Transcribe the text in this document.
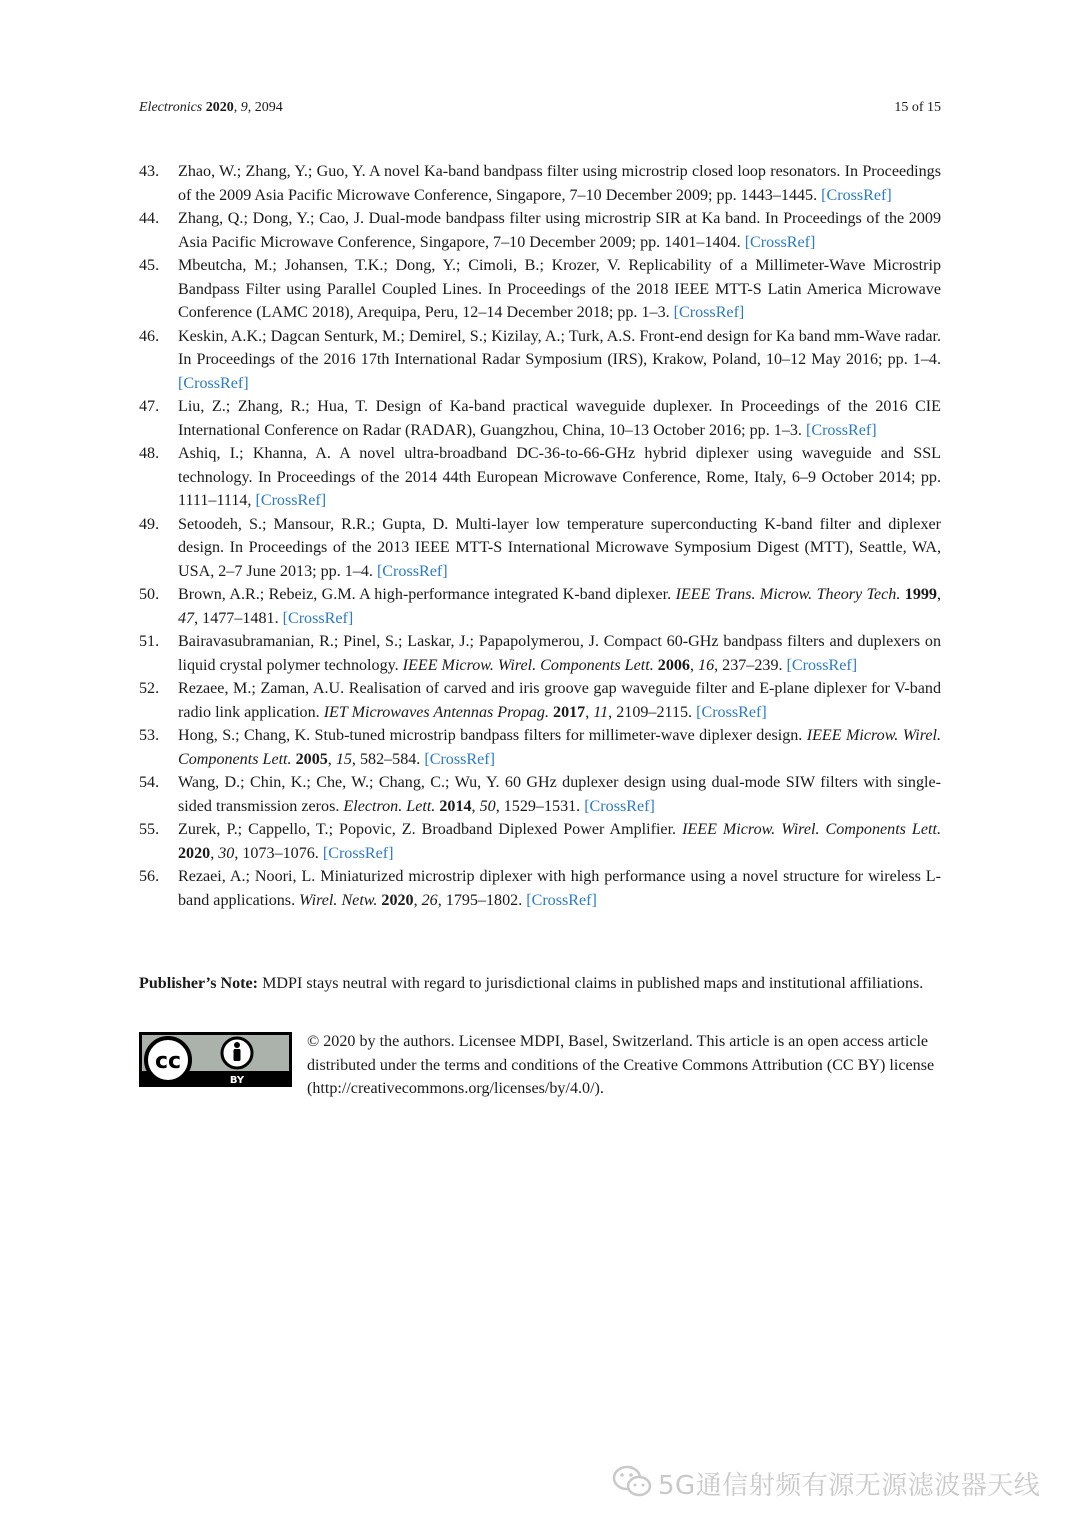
Electronics 2020, 9, 2094	15 of 15
43. Zhao, W.; Zhang, Y.; Guo, Y. A novel Ka-band bandpass filter using microstrip closed loop resonators. In Proceedings of the 2009 Asia Pacific Microwave Conference, Singapore, 7–10 December 2009; pp. 1443–1445. [CrossRef]
44. Zhang, Q.; Dong, Y.; Cao, J. Dual-mode bandpass filter using microstrip SIR at Ka band. In Proceedings of the 2009 Asia Pacific Microwave Conference, Singapore, 7–10 December 2009; pp. 1401–1404. [CrossRef]
45. Mbeutcha, M.; Johansen, T.K.; Dong, Y.; Cimoli, B.; Krozer, V. Replicability of a Millimeter-Wave Microstrip Bandpass Filter using Parallel Coupled Lines. In Proceedings of the 2018 IEEE MTT-S Latin America Microwave Conference (LAMC 2018), Arequipa, Peru, 12–14 December 2018; pp. 1–3. [CrossRef]
46. Keskin, A.K.; Dagcan Senturk, M.; Demirel, S.; Kizilay, A.; Turk, A.S. Front-end design for Ka band mm-Wave radar. In Proceedings of the 2016 17th International Radar Symposium (IRS), Krakow, Poland, 10–12 May 2016; pp. 1–4. [CrossRef]
47. Liu, Z.; Zhang, R.; Hua, T. Design of Ka-band practical waveguide duplexer. In Proceedings of the 2016 CIE International Conference on Radar (RADAR), Guangzhou, China, 10–13 October 2016; pp. 1–3. [CrossRef]
48. Ashiq, I.; Khanna, A. A novel ultra-broadband DC-36-to-66-GHz hybrid diplexer using waveguide and SSL technology. In Proceedings of the 2014 44th European Microwave Conference, Rome, Italy, 6–9 October 2014; pp. 1111–1114, [CrossRef]
49. Setoodeh, S.; Mansour, R.R.; Gupta, D. Multi-layer low temperature superconducting K-band filter and diplexer design. In Proceedings of the 2013 IEEE MTT-S International Microwave Symposium Digest (MTT), Seattle, WA, USA, 2–7 June 2013; pp. 1–4. [CrossRef]
50. Brown, A.R.; Rebeiz, G.M. A high-performance integrated K-band diplexer. IEEE Trans. Microw. Theory Tech. 1999, 47, 1477–1481. [CrossRef]
51. Bairavasubramanian, R.; Pinel, S.; Laskar, J.; Papapolymerou, J. Compact 60-GHz bandpass filters and duplexers on liquid crystal polymer technology. IEEE Microw. Wirel. Components Lett. 2006, 16, 237–239. [CrossRef]
52. Rezaee, M.; Zaman, A.U. Realisation of carved and iris groove gap waveguide filter and E-plane diplexer for V-band radio link application. IET Microwaves Antennas Propag. 2017, 11, 2109–2115. [CrossRef]
53. Hong, S.; Chang, K. Stub-tuned microstrip bandpass filters for millimeter-wave diplexer design. IEEE Microw. Wirel. Components Lett. 2005, 15, 582–584. [CrossRef]
54. Wang, D.; Chin, K.; Che, W.; Chang, C.; Wu, Y. 60 GHz duplexer design using dual-mode SIW filters with single-sided transmission zeros. Electron. Lett. 2014, 50, 1529–1531. [CrossRef]
55. Zurek, P.; Cappello, T.; Popovic, Z. Broadband Diplexed Power Amplifier. IEEE Microw. Wirel. Components Lett. 2020, 30, 1073–1076. [CrossRef]
56. Rezaei, A.; Noori, L. Miniaturized microstrip diplexer with high performance using a novel structure for wireless L-band applications. Wirel. Netw. 2020, 26, 1795–1802. [CrossRef]
Publisher’s Note: MDPI stays neutral with regard to jurisdictional claims in published maps and institutional affiliations.
cc
BY
© 2020 by the authors. Licensee MDPI, Basel, Switzerland. This article is an open access article distributed under the terms and conditions of the Creative Commons Attribution (CC BY) license (http://creativecommons.org/licenses/by/4.0/).
5G通信射频有源无源滤波器天线
